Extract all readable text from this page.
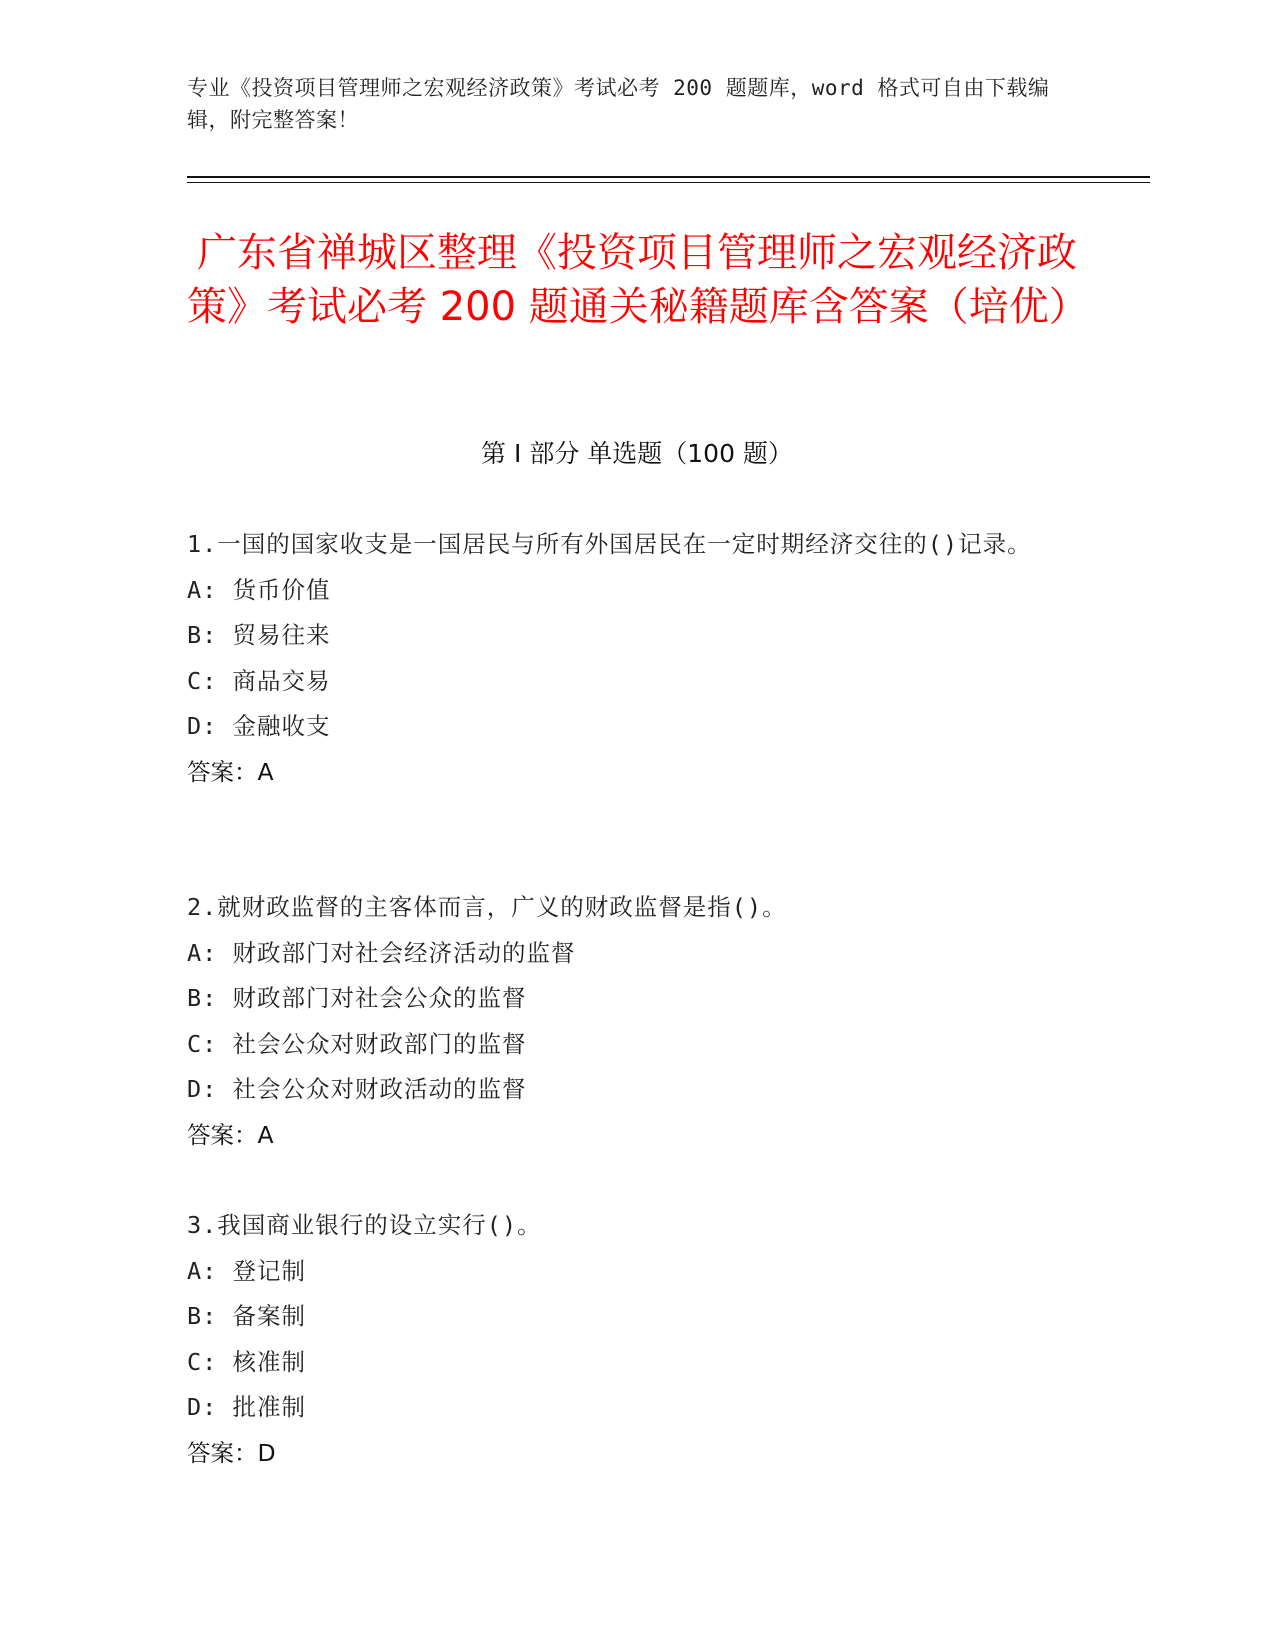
专业《投资项目管理师之宏观经济政策》考试必考 200 题题库，word 格式可自由下载编辑，附完整答案！
广东省禅城区整理《投资项目管理师之宏观经济政策》考试必考 200 题通关秘籍题库含答案（培优）
第 I 部分 单选题（100 题）
1.一国的国家收支是一国居民与所有外国居民在一定时期经济交往的()记录。
A: 货币价值
B: 贸易往来
C: 商品交易
D: 金融收支
答案：A
2.就财政监督的主客体而言，广义的财政监督是指()。
A: 财政部门对社会经济活动的监督
B: 财政部门对社会公众的监督
C: 社会公众对财政部门的监督
D: 社会公众对财政活动的监督
答案：A
3.我国商业银行的设立实行()。
A: 登记制
B: 备案制
C: 核准制
D: 批准制
答案：D
